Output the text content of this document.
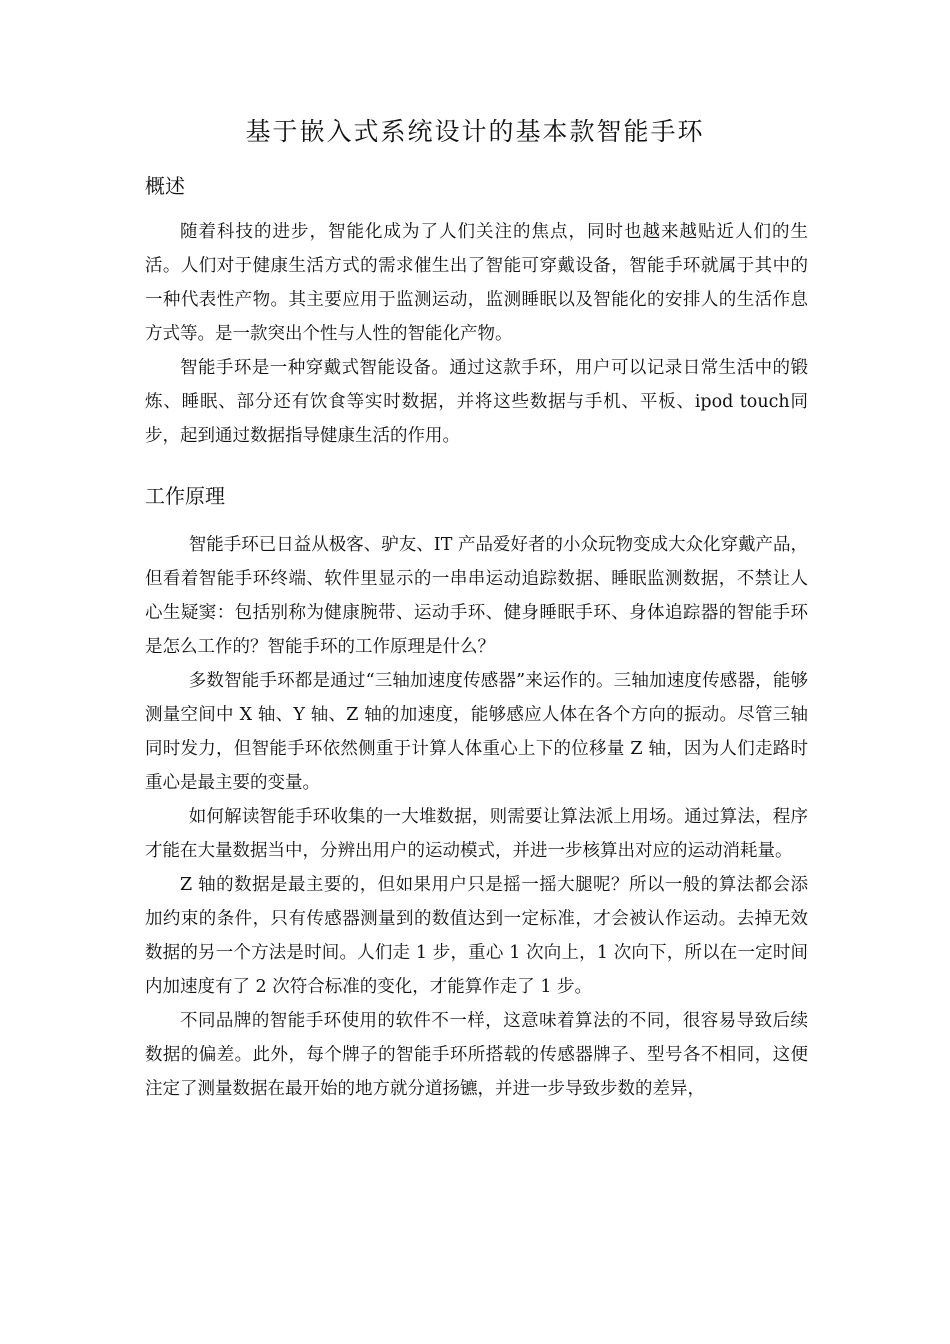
基于嵌入式系统设计的基本款智能手环
概述

随着科技的进步，智能化成为了人们关注的焦点，同时也越来越贴近人们的生活。人们对于健康生活方式的需求催生出了智能可穿戴设备，智能手环就属于其中的一种代表性产物。其主要应用于监测运动，监测睡眠以及智能化的安排人的生活作息方式等。是一款突出个性与人性的智能化产物。

智能手环是一种穿戴式智能设备。通过这款手环，用户可以记录日常生活中的锻炼、睡眠、部分还有饮食等实时数据，并将这些数据与手机、平板、ipod touch同步，起到通过数据指导健康生活的作用。

工作原理

智能手环已日益从极客、驴友、IT 产品爱好者的小众玩物变成大众化穿戴产品，但看着智能手环终端、软件里显示的一串串运动追踪数据、睡眠监测数据，不禁让人心生疑窦：包括别称为健康腕带、运动手环、健身睡眠手环、身体追踪器的智能手环是怎么工作的？智能手环的工作原理是什么？

多数智能手环都是通过“三轴加速度传感器”来运作的。三轴加速度传感器，能够测量空间中 X 轴、Y 轴、Z 轴的加速度，能够感应人体在各个方向的振动。尽管三轴同时发力，但智能手环依然侧重于计算人体重心上下的位移量 Z 轴，因为人们走路时重心是最主要的变量。

如何解读智能手环收集的一大堆数据，则需要让算法派上用场。通过算法，程序才能在大量数据当中，分辨出用户的运动模式，并进一步核算出对应的运动消耗量。

Z 轴的数据是最主要的，但如果用户只是摇一摇大腿呢？所以一般的算法都会添加约束的条件，只有传感器测量到的数值达到一定标准，才会被认作运动。去掉无效数据的另一个方法是时间。人们走 1 步，重心 1 次向上，1 次向下，所以在一定时间内加速度有了 2 次符合标准的变化，才能算作走了 1 步。

不同品牌的智能手环使用的软件不一样，这意味着算法的不同，很容易导致后续数据的偏差。此外，每个牌子的智能手环所搭载的传感器牌子、型号各不相同，这便注定了测量数据在最开始的地方就分道扬镳，并进一步导致步数的差异，
